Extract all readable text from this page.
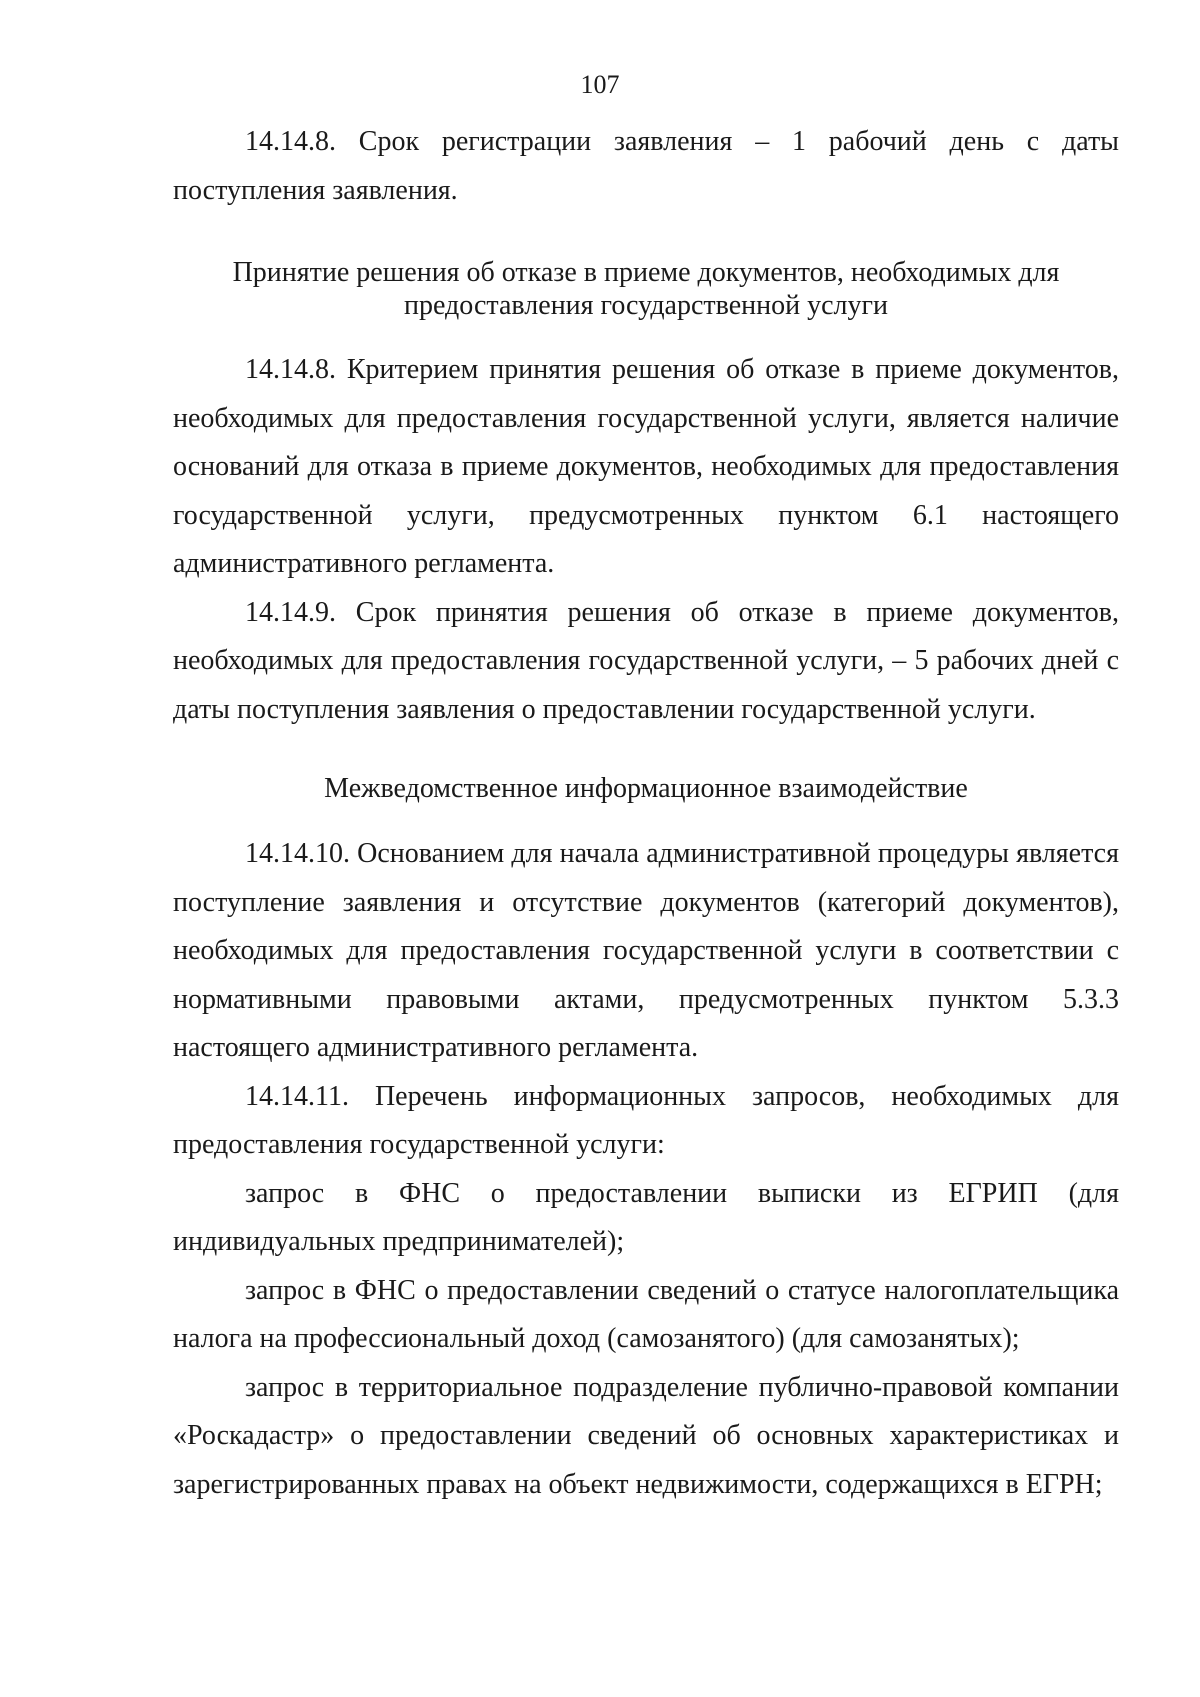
107

14.14.8. Срок регистрации заявления – 1 рабочий день с даты поступления заявления.

Принятие решения об отказе в приеме документов, необходимых для предоставления государственной услуги

14.14.8. Критерием принятия решения об отказе в приеме документов, необходимых для предоставления государственной услуги, является наличие оснований для отказа в приеме документов, необходимых для предоставления государственной услуги, предусмотренных пунктом 6.1 настоящего административного регламента.

14.14.9. Срок принятия решения об отказе в приеме документов, необходимых для предоставления государственной услуги, – 5 рабочих дней с даты поступления заявления о предоставлении государственной услуги.

Межведомственное информационное взаимодействие

14.14.10. Основанием для начала административной процедуры является поступление заявления и отсутствие документов (категорий документов), необходимых для предоставления государственной услуги в соответствии с нормативными правовыми актами, предусмотренных пунктом 5.3.3 настоящего административного регламента.

14.14.11. Перечень информационных запросов, необходимых для предоставления государственной услуги:

запрос в ФНС о предоставлении выписки из ЕГРИП (для индивидуальных предпринимателей);

запрос в ФНС о предоставлении сведений о статусе налогоплательщика налога на профессиональный доход (самозанятого) (для самозанятых);

запрос в территориальное подразделение публично-правовой компании «Роскадастр» о предоставлении сведений об основных характеристиках и зарегистрированных правах на объект недвижимости, содержащихся в ЕГРН;
